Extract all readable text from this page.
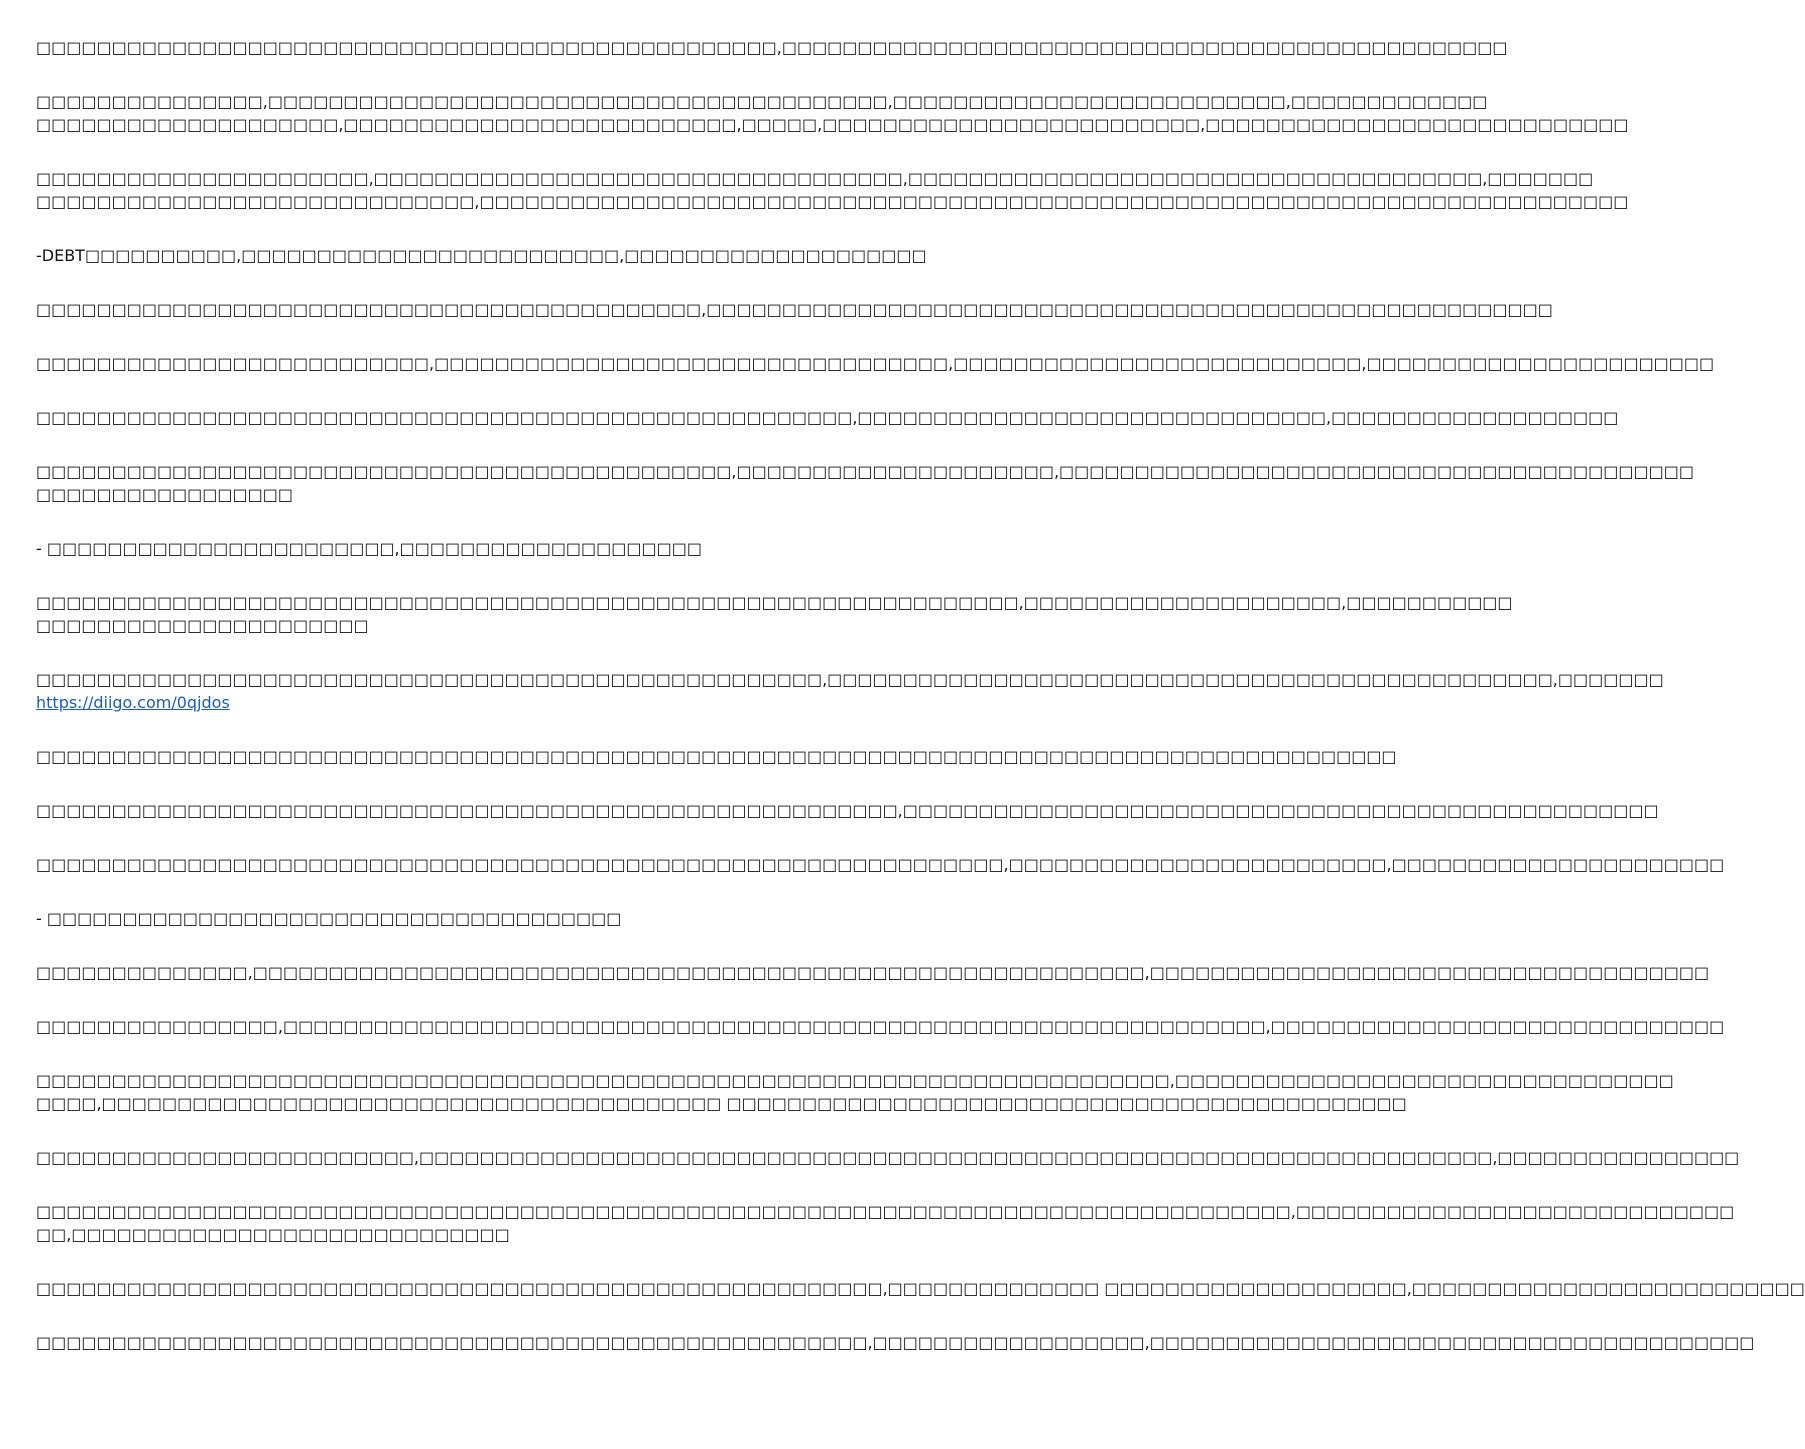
□□□□□□□□□□□□□□□□□□□□□□□□□□□□□□□□□□□□□□□□□□□□□□□□□,□□□□□□□□□□□□□□□□□□□□□□□□□□□□□□□□□□□□□□□□□□□□□□□□

□□□□□□□□□□□□□□□,□□□□□□□□□□□□□□□□□□□□□□□□□□□□□□□□□□□□□□□□□,□□□□□□□□□□□□□□□□□□□□□□□□□□,□□□□□□□□□□□□□
□□□□□□□□□□□□□□□□□□□□,□□□□□□□□□□□□□□□□□□□□□□□□□□,□□□□□,□□□□□□□□□□□□□□□□□□□□□□□□□,□□□□□□□□□□□□□□□□□□□□□□□□□□□□

□□□□□□□□□□□□□□□□□□□□□□,□□□□□□□□□□□□□□□□□□□□□□□□□□□□□□□□□□□,□□□□□□□□□□□□□□□□□□□□□□□□□□□□□□□□□□□□□□,□□□□□□□
□□□□□□□□□□□□□□□□□□□□□□□□□□□□□,□□□□□□□□□□□□□□□□□□□□□□□□□□□□□□□□□□□□□□□□□□□□□□□□□□□□□□□□□□□□□□□□□□□□□□□□□□□□

-DEBT□□□□□□□□□□,□□□□□□□□□□□□□□□□□□□□□□□□□,□□□□□□□□□□□□□□□□□□□□

□□□□□□□□□□□□□□□□□□□□□□□□□□□□□□□□□□□□□□□□□□□□,□□□□□□□□□□□□□□□□□□□□□□□□□□□□□□□□□□□□□□□□□□□□□□□□□□□□□□□□

□□□□□□□□□□□□□□□□□□□□□□□□□□,□□□□□□□□□□□□□□□□□□□□□□□□□□□□□□□□□□,□□□□□□□□□□□□□□□□□□□□□□□□□□□,□□□□□□□□□□□□□□□□□□□□□□□

□□□□□□□□□□□□□□□□□□□□□□□□□□□□□□□□□□□□□□□□□□□□□□□□□□□□□□,□□□□□□□□□□□□□□□□□□□□□□□□□□□□□□□,□□□□□□□□□□□□□□□□□□□

□□□□□□□□□□□□□□□□□□□□□□□□□□□□□□□□□□□□□□□□□□□□□□,□□□□□□□□□□□□□□□□□□□□□,□□□□□□□□□□□□□□□□□□□□□□□□□□□□□□□□□□□□□□□□□□
□□□□□□□□□□□□□□□□□

- □□□□□□□□□□□□□□□□□□□□□□□,□□□□□□□□□□□□□□□□□□□□

□□□□□□□□□□□□□□□□□□□□□□□□□□□□□□□□□□□□□□□□□□□□□□□□□□□□□□□□□□□□□□□□□,□□□□□□□□□□□□□□□□□□□□□,□□□□□□□□□□□
□□□□□□□□□□□□□□□□□□□□□□

□□□□□□□□□□□□□□□□□□□□□□□□□□□□□□□□□□□□□□□□□□□□□□□□□□□□,□□□□□□□□□□□□□□□□□□□□□□□□□□□□□□□□□□□□□□□□□□□□□□□□,□□□□□□□
https://diigo.com/0qjdos

□□□□□□□□□□□□□□□□□□□□□□□□□□□□□□□□□□□□□□□□□□□□□□□□□□□□□□□□□□□□□□□□□□□□□□□□□□□□□□□□□□□□□□□□□□

□□□□□□□□□□□□□□□□□□□□□□□□□□□□□□□□□□□□□□□□□□□□□□□□□□□□□□□□□,□□□□□□□□□□□□□□□□□□□□□□□□□□□□□□□□□□□□□□□□□□□□□□□□□□

□□□□□□□□□□□□□□□□□□□□□□□□□□□□□□□□□□□□□□□□□□□□□□□□□□□□□□□□□□□□□□□□,□□□□□□□□□□□□□□□□□□□□□□□□□,□□□□□□□□□□□□□□□□□□□□□□

- □□□□□□□□□□□□□□□□□□□□□□□□□□□□□□□□□□□□□□

□□□□□□□□□□□□□□,□□□□□□□□□□□□□□□□□□□□□□□□□□□□□□□□□□□□□□□□□□□□□□□□□□□□□□□□□□□,□□□□□□□□□□□□□□□□□□□□□□□□□□□□□□□□□□□□□

□□□□□□□□□□□□□□□□,□□□□□□□□□□□□□□□□□□□□□□□□□□□□□□□□□□□□□□□□□□□□□□□□□□□□□□□□□□□□□□□□□,□□□□□□□□□□□□□□□□□□□□□□□□□□□□□□

□□□□□□□□□□□□□□□□□□□□□□□□□□□□□□□□□□□□□□□□□□□□□□□□□□□□□□□□□□□□□□□□□□□□□□□□□□□,□□□□□□□□□□□□□□□□□□□□□□□□□□□□□□□□□
□□□□,□□□□□□□□□□□□□□□□□□□□□□□□□□□□□□□□□□□□□□□□□ □□□□□□□□□□□□□□□□□□□□□□□□□□□□□□□□□□□□□□□□□□□□□

□□□□□□□□□□□□□□□□□□□□□□□□□,□□□□□□□□□□□□□□□□□□□□□□□□□□□□□□□□□□□□□□□□□□□□□□□□□□□□□□□□□□□□□□□□□□□□□□□,□□□□□□□□□□□□□□□□

□□□□□□□□□□□□□□□□□□□□□□□□□□□□□□□□□□□□□□□□□□□□□□□□□□□□□□□□□□□□□□□□□□□□□□□□□□□□□□□□□□□,□□□□□□□□□□□□□□□□□□□□□□□□□□□□□
□□,□□□□□□□□□□□□□□□□□□□□□□□□□□□□□

□□□□□□□□□□□□□□□□□□□□□□□□□□□□□□□□□□□□□□□□□□□□□□□□□□□□□□□□,□□□□□□□□□□□□□□ □□□□□□□□□□□□□□□□□□□□,□□□□□□□□□□□□□□□□□□□□□□□□□□

□□□□□□□□□□□□□□□□□□□□□□□□□□□□□□□□□□□□□□□□□□□□□□□□□□□□□□□,□□□□□□□□□□□□□□□□□□,□□□□□□□□□□□□□□□□□□□□□□□□□□□□□□□□□□□□□□□□
